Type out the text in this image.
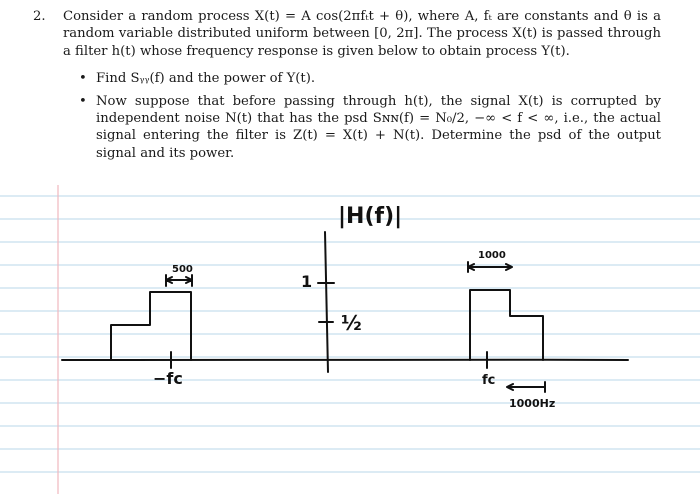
2.	Consider a random process X(t) = A cos(2πfₜt + θ), where A, fₜ are constants and θ is a random variable distributed uniform between [0, 2π]. The process X(t) is passed through a filter h(t) whose frequency response is given below to obtain process Y(t).
• Find Sᵧᵧ(f) and the power of Y(t).
• Now suppose that before passing through h(t), the signal X(t) is corrupted by independent noise N(t) that has the psd Sɴɴ(f) = N₀/2, −∞ < f < ∞, i.e., the actual signal entering the filter is Z(t) = X(t) + N(t). Determine the psd of the output signal and its power.
|H(f)|
1
½
500
−fc
1000
fc
1000Hz
